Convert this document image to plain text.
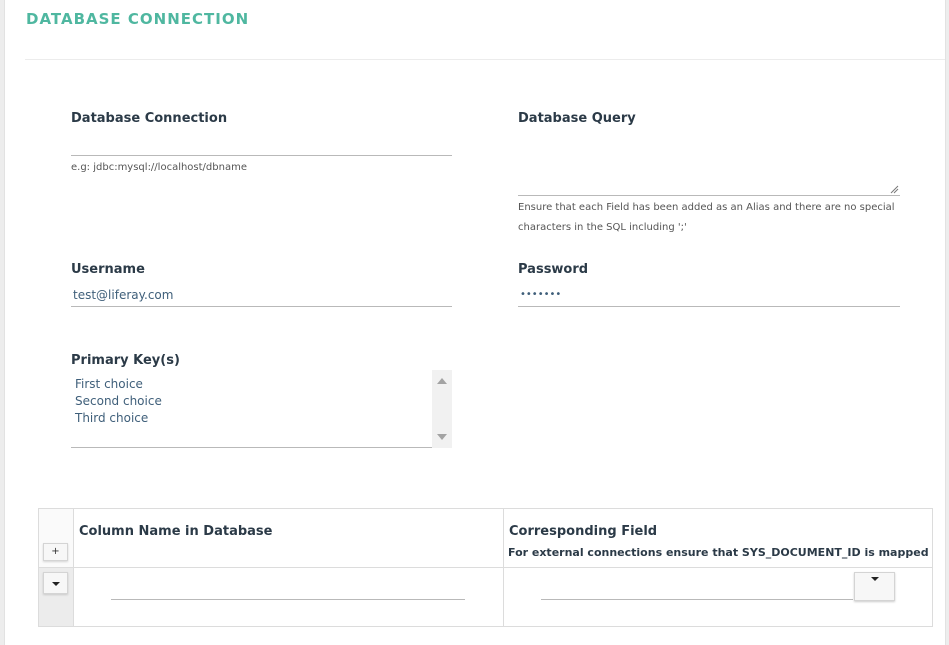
DATABASE CONNECTION
Database Connection
e.g: jdbc:mysql://localhost/dbname
Database Query
Ensure that each Field has been added as an Alias and there are no special
characters in the SQL including ';'
Username
test@liferay.com	Password
•••••••
Primary Key(s)
First choice
Second choice
Third choice
+
Column Name in Database	Corresponding Field
For external connections ensure that SYS_DOCUMENT_ID is mapped
